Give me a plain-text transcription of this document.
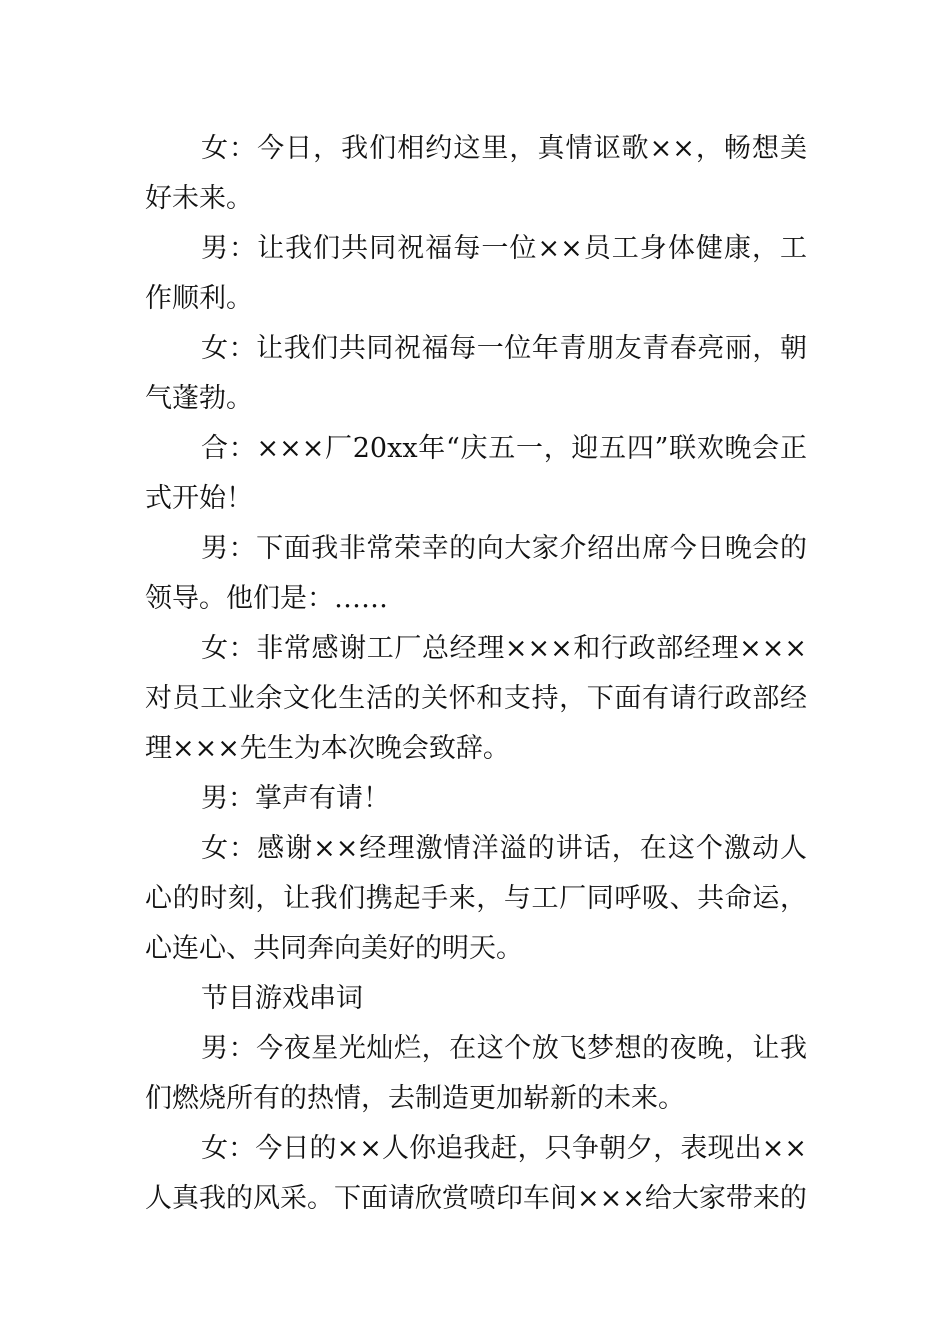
女：今日，我们相约这里，真情讴歌××，畅想美好未来。

男：让我们共同祝福每一位××员工身体健康，工作顺利。

女：让我们共同祝福每一位年青朋友青春亮丽，朝气蓬勃。

合：×××厂20xx年“庆五一，迎五四”联欢晚会正式开始！

男：下面我非常荣幸的向大家介绍出席今日晚会的领导。他们是：……

女：非常感谢工厂总经理×××和行政部经理×××对员工业余文化生活的关怀和支持，下面有请行政部经理×××先生为本次晚会致辞。

男：掌声有请！

女：感谢××经理激情洋溢的讲话，在这个激动人心的时刻，让我们携起手来，与工厂同呼吸、共命运，心连心、共同奔向美好的明天。

节目游戏串词

男：今夜星光灿烂，在这个放飞梦想的夜晚，让我们燃烧所有的热情，去制造更加崭新的未来。

女：今日的××人你追我赶，只争朝夕，表现出××人真我的风采。下面请欣赏喷印车间×××给大家带来的
